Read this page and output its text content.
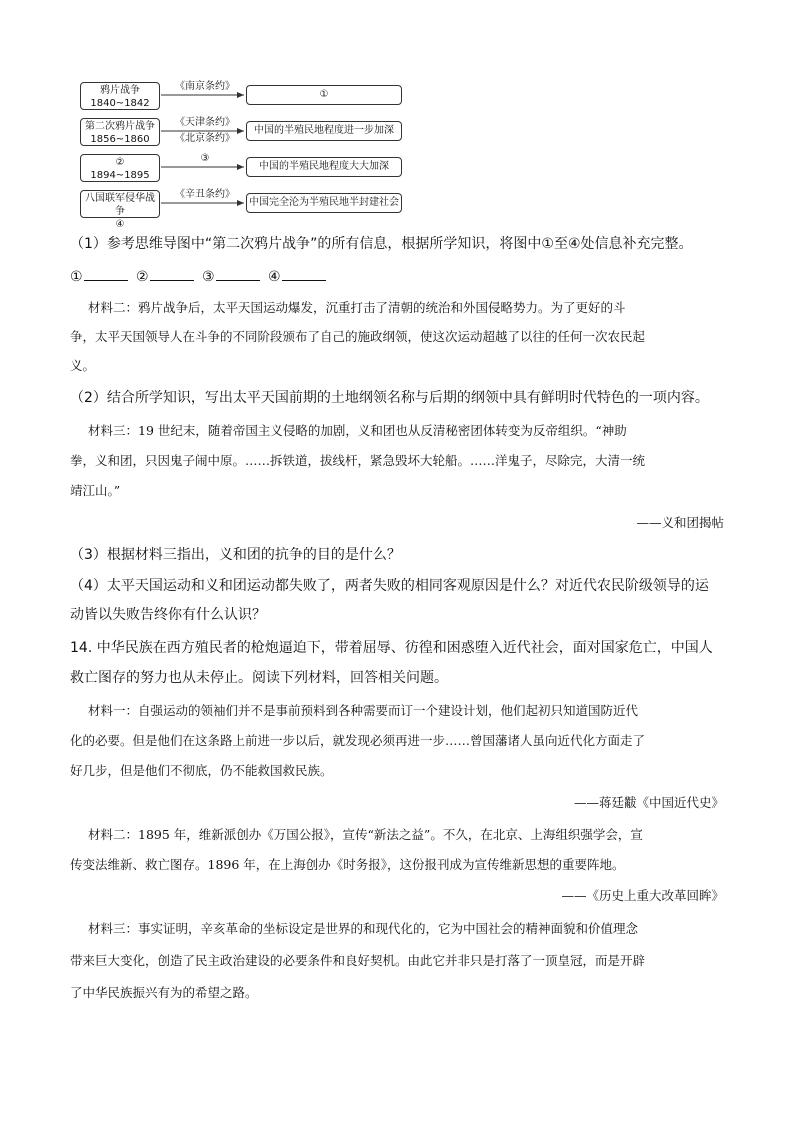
鸦片战争
1840~1842
《南京条约》
①
第二次鸦片战争
1856~1860
《天津条约》
《北京条约》
中国的半殖民地程度进一步加深
②
1894~1895
③
中国的半殖民地程度大大加深
八国联军侵华战争
④
《辛丑条约》
中国完全沦为半殖民地半封建社会
（1）参考思维导图中“第二次鸦片战争”的所有信息，根据所学知识，将图中①至④处信息补充完整。
①	②	③	④
材料二：鸦片战争后，太平天国运动爆发，沉重打击了清朝的统治和外国侵略势力。为了更好的斗
争，太平天国领导人在斗争的不同阶段颁布了自己的施政纲领，使这次运动超越了以往的任何一次农民起
义。
（2）结合所学知识，写出太平天国前期的土地纲领名称与后期的纲领中具有鲜明时代特色的一项内容。
材料三：19 世纪末，随着帝国主义侵略的加剧，义和团也从反清秘密团体转变为反帝组织。“神助
拳，义和团，只因鬼子闹中原。……拆铁道，拔线杆，紧急毁坏大轮船。……洋鬼子，尽除完，大清一统
靖江山。”
——义和团揭帖
（3）根据材料三指出，义和团的抗争的目的是什么？
（4）太平天国运动和义和团运动都失败了，两者失败的相同客观原因是什么？对近代农民阶级领导的运
动皆以失败告终你有什么认识？
14. 中华民族在西方殖民者的枪炮逼迫下，带着屈辱、彷徨和困惑堕入近代社会，面对国家危亡，中国人
救亡图存的努力也从未停止。阅读下列材料，回答相关问题。
材料一：自强运动的领袖们并不是事前预料到各种需要而订一个建设计划，他们起初只知道国防近代
化的必要。但是他们在这条路上前进一步以后，就发现必须再进一步……曾国藩诸人虽向近代化方面走了
好几步，但是他们不彻底，仍不能救国救民族。
——蒋廷黻《中国近代史》
材料二：1895 年，维新派创办《万国公报》，宣传“新法之益”。不久，在北京、上海组织强学会，宣
传变法维新、救亡图存。1896 年，在上海创办《时务报》，这份报刊成为宣传维新思想的重要阵地。
——《历史上重大改革回眸》
材料三：事实证明，辛亥革命的坐标设定是世界的和现代化的，它为中国社会的精神面貌和价值理念
带来巨大变化，创造了民主政治建设的必要条件和良好契机。由此它并非只是打落了一顶皇冠，而是开辟
了中华民族振兴有为的希望之路。
